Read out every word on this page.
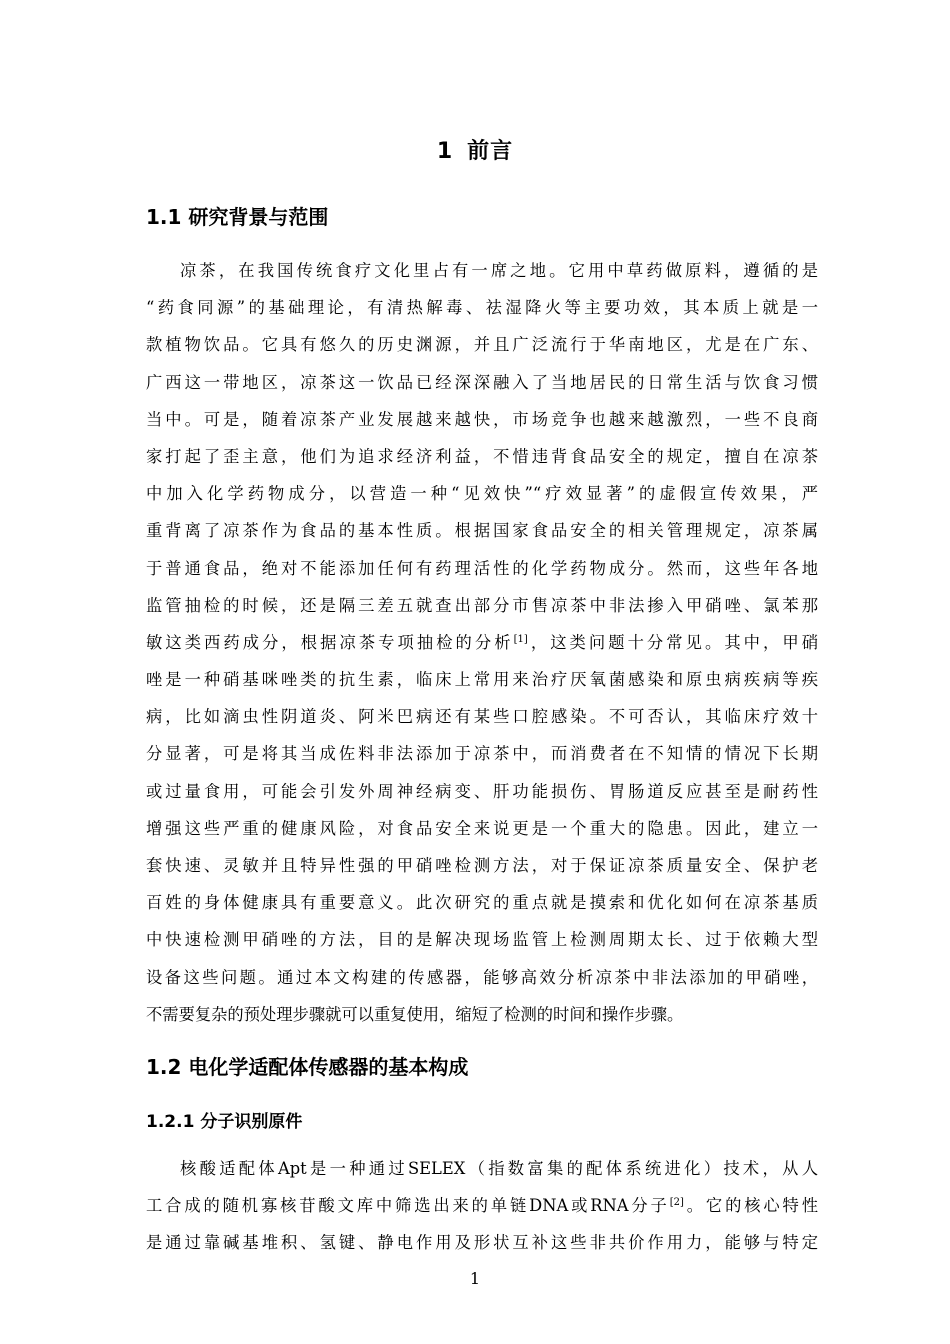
1 前言
1.1 研究背景与范围
凉茶，在我国传统食疗文化里占有一席之地。它用中草药做原料，遵循的是
“药食同源”的基础理论，有清热解毒、祛湿降火等主要功效，其本质上就是一
款植物饮品。它具有悠久的历史渊源，并且广泛流行于华南地区，尤是在广东、
广西这一带地区，凉茶这一饮品已经深深融入了当地居民的日常生活与饮食习惯
当中。可是，随着凉茶产业发展越来越快，市场竞争也越来越激烈，一些不良商
家打起了歪主意，他们为追求经济利益，不惜违背食品安全的规定，擅自在凉茶
中加入化学药物成分，以营造一种“见效快”“疗效显著”的虚假宣传效果，严
重背离了凉茶作为食品的基本性质。根据国家食品安全的相关管理规定，凉茶属
于普通食品，绝对不能添加任何有药理活性的化学药物成分。然而，这些年各地
监管抽检的时候，还是隔三差五就查出部分市售凉茶中非法掺入甲硝唑、氯苯那
敏这类西药成分，根据凉茶专项抽检的分析[1]，这类问题十分常见。其中，甲硝
唑是一种硝基咪唑类的抗生素，临床上常用来治疗厌氧菌感染和原虫病疾病等疾
病，比如滴虫性阴道炎、阿米巴病还有某些口腔感染。不可否认，其临床疗效十
分显著，可是将其当成佐料非法添加于凉茶中，而消费者在不知情的情况下长期
或过量食用，可能会引发外周神经病变、肝功能损伤、胃肠道反应甚至是耐药性
增强这些严重的健康风险，对食品安全来说更是一个重大的隐患。因此，建立一
套快速、灵敏并且特异性强的甲硝唑检测方法，对于保证凉茶质量安全、保护老
百姓的身体健康具有重要意义。此次研究的重点就是摸索和优化如何在凉茶基质
中快速检测甲硝唑的方法，目的是解决现场监管上检测周期太长、过于依赖大型
设备这些问题。通过本文构建的传感器，能够高效分析凉茶中非法添加的甲硝唑，
不需要复杂的预处理步骤就可以重复使用，缩短了检测的时间和操作步骤。
1.2 电化学适配体传感器的基本构成
1.2.1 分子识别原件
核酸适配体Apt是一种通过SELEX（指数富集的配体系统进化）技术，从人
工合成的随机寡核苷酸文库中筛选出来的单链DNA或RNA分子[2]。它的核心特性
是通过靠碱基堆积、氢键、静电作用及形状互补这些非共价作用力，能够与特定
1
